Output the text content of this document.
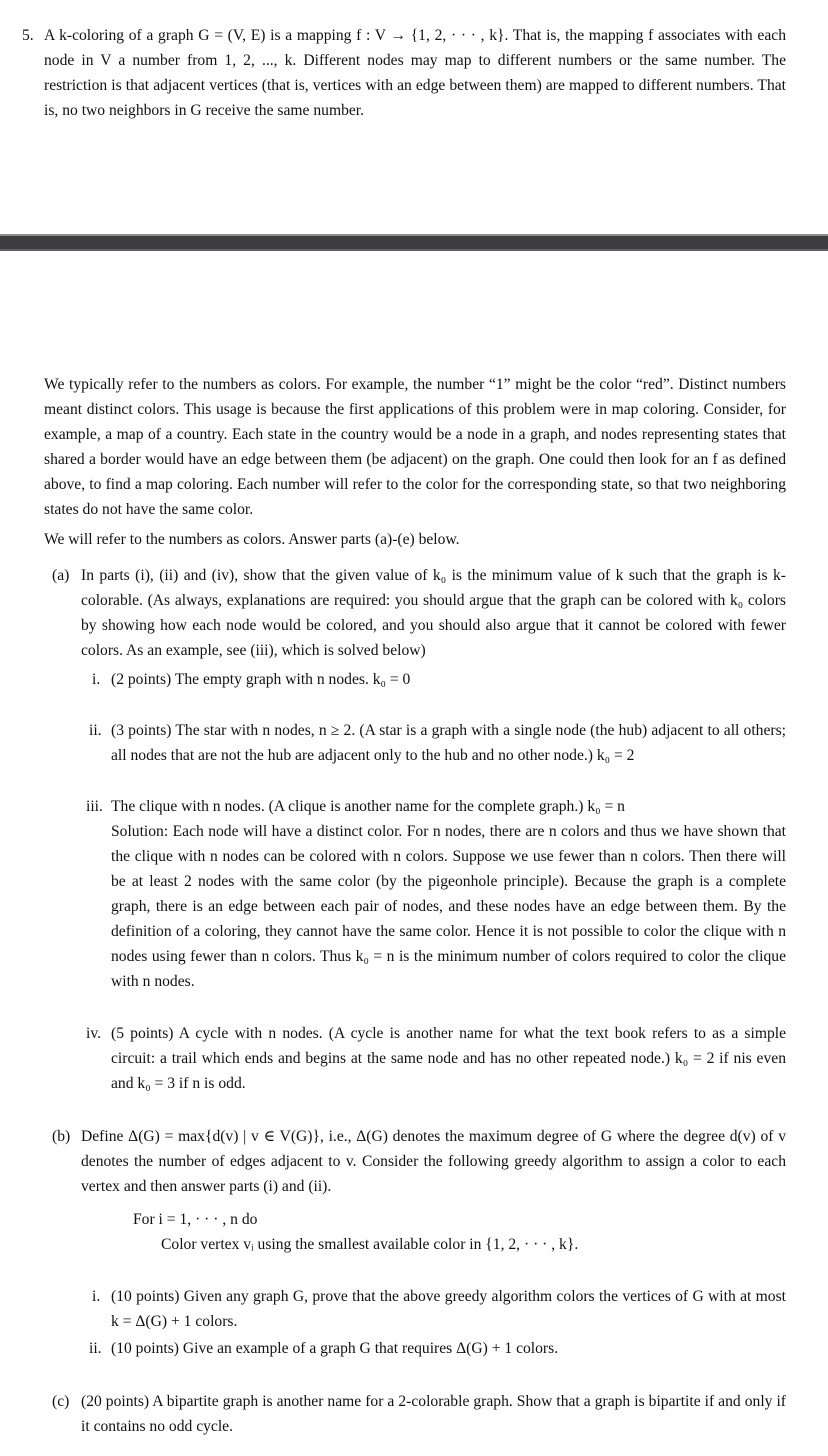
5. A k-coloring of a graph G = (V, E) is a mapping f : V → {1, 2, · · · , k}. That is, the mapping f associates with each node in V a number from 1, 2, ..., k. Different nodes may map to different numbers or the same number. The restriction is that adjacent vertices (that is, vertices with an edge between them) are mapped to different numbers. That is, no two neighbors in G receive the same number.
We typically refer to the numbers as colors. For example, the number “1” might be the color “red”. Distinct numbers meant distinct colors. This usage is because the first applications of this problem were in map coloring. Consider, for example, a map of a country. Each state in the country would be a node in a graph, and nodes representing states that shared a border would have an edge between them (be adjacent) on the graph. One could then look for an f as defined above, to find a map coloring. Each number will refer to the color for the corresponding state, so that two neighboring states do not have the same color.
We will refer to the numbers as colors. Answer parts (a)-(e) below.
(a) In parts (i), (ii) and (iv), show that the given value of k₀ is the minimum value of k such that the graph is k-colorable. (As always, explanations are required: you should argue that the graph can be colored with k₀ colors by showing how each node would be colored, and you should also argue that it cannot be colored with fewer colors. As an example, see (iii), which is solved below)
i. (2 points) The empty graph with n nodes. k₀ = 0
ii. (3 points) The star with n nodes, n ≥ 2. (A star is a graph with a single node (the hub) adjacent to all others; all nodes that are not the hub are adjacent only to the hub and no other node.) k₀ = 2
iii. The clique with n nodes. (A clique is another name for the complete graph.) k₀ = n
Solution: Each node will have a distinct color. For n nodes, there are n colors and thus we have shown that the clique with n nodes can be colored with n colors. Suppose we use fewer than n colors. Then there will be at least 2 nodes with the same color (by the pigeonhole principle). Because the graph is a complete graph, there is an edge between each pair of nodes, and these nodes have an edge between them. By the definition of a coloring, they cannot have the same color. Hence it is not possible to color the clique with n nodes using fewer than n colors. Thus k₀ = n is the minimum number of colors required to color the clique with n nodes.
iv. (5 points) A cycle with n nodes. (A cycle is another name for what the text book refers to as a simple circuit: a trail which ends and begins at the same node and has no other repeated node.) k₀ = 2 if nis even and k₀ = 3 if n is odd.
(b) Define Δ(G) = max{d(v) | v ∈ V(G)}, i.e., Δ(G) denotes the maximum degree of G where the degree d(v) of v denotes the number of edges adjacent to v. Consider the following greedy algorithm to assign a color to each vertex and then answer parts (i) and (ii).
For i = 1, · · · , n do
Color vertex vᵢ using the smallest available color in {1, 2, · · · , k}.
i. (10 points) Given any graph G, prove that the above greedy algorithm colors the vertices of G with at most k = Δ(G) + 1 colors.
ii. (10 points) Give an example of a graph G that requires Δ(G) + 1 colors.
(c) (20 points) A bipartite graph is another name for a 2-colorable graph. Show that a graph is bipartite if and only if it contains no odd cycle.
